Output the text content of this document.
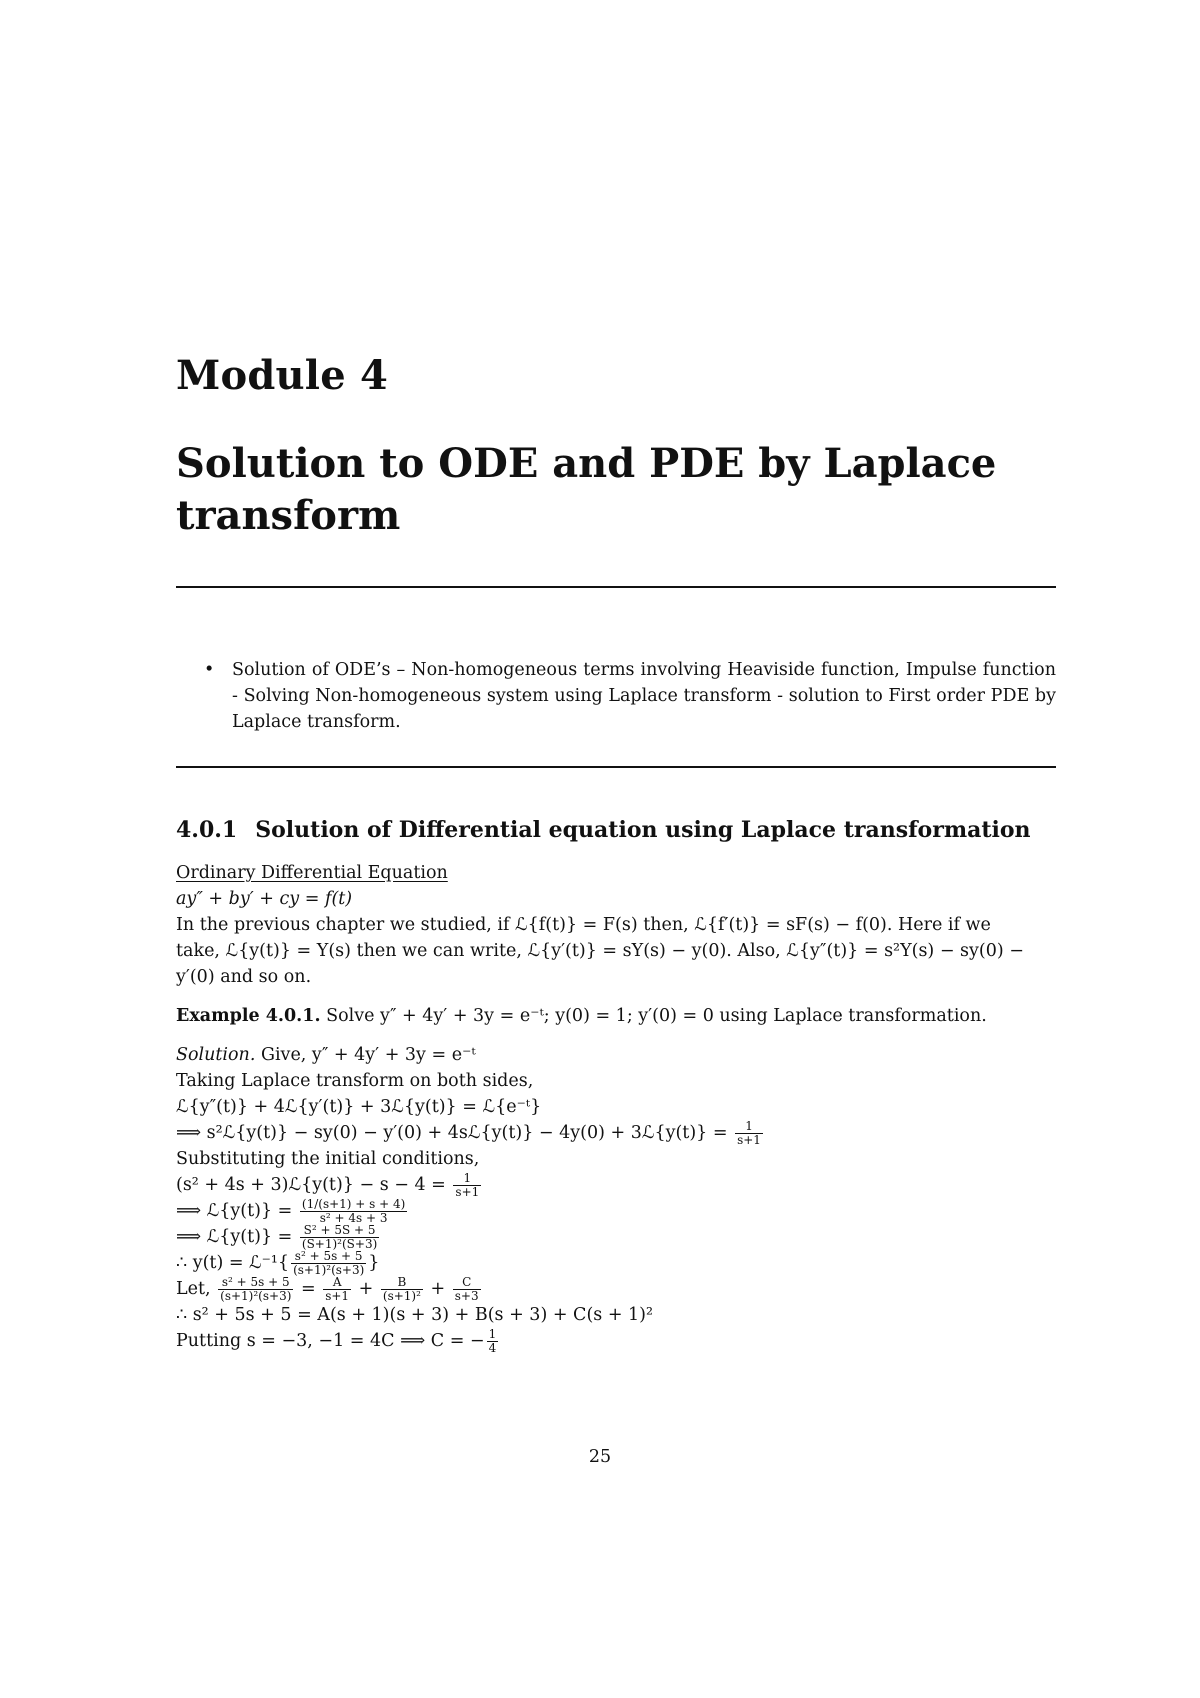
Module 4
Solution to ODE and PDE by Laplace transform
• Solution of ODE’s – Non-homogeneous terms involving Heaviside function, Impulse function - Solving Non-homogeneous system using Laplace transform - solution to First order PDE by Laplace transform.
4.0.1 Solution of Differential equation using Laplace transformation
Ordinary Differential Equation
ay″ + by′ + cy = f(t)
In the previous chapter we studied, if ℒ{f(t)} = F(s) then, ℒ{f′(t)} = sF(s) − f(0). Here if we
take, ℒ{y(t)} = Y(s) then we can write, ℒ{y′(t)} = sY(s) − y(0). Also, ℒ{y″(t)} = s²Y(s) − sy(0) −
y′(0) and so on.
Example 4.0.1. Solve y″ + 4y′ + 3y = e⁻ᵗ; y(0) = 1; y′(0) = 0 using Laplace transformation.
Solution. Give, y″ + 4y′ + 3y = e⁻ᵗ
Taking Laplace transform on both sides,
ℒ{y″(t)} + 4ℒ{y′(t)} + 3ℒ{y(t)} = ℒ{e⁻ᵗ}
⟹ s²ℒ{y(t)} − sy(0) − y′(0) + 4sℒ{y(t)} − 4y(0) + 3ℒ{y(t)} = $\frac{1}{s+1}$
Substituting the initial conditions,
(s² + 4s + 3)ℒ{y(t)} − $s - 4 = \frac{1}{s+1}$
⟹ ℒ{y(t)} = $\frac{(1/(s+1) + s + 4)}{\text{s² + 4s + 3}}$
⟹ ℒ{y(t)} = $\frac{\text{S² + 5S + 5}}{\text{(S+1)²(S+3)}}$
∴ y(t) = ℒ⁻¹{ $\frac{\text{s² + 5s + 5}}{\text{(s+1)²(s+3)}}$ }
Let, $\frac{\text{s² + 5s + 5}}{\text{(s+1)²(s+3)}} = \frac{A}{s+1} + \frac{B}{\text{(s+1)²}} + \frac{C}{s+3}$
∴ s² + 5s + 5 = A(s + 1)(s + 3) + B(s + 3) + C(s + 1)²
Putting s = −3, −1 = 4C ⟹ C = − $\frac{1}{4}$
25
